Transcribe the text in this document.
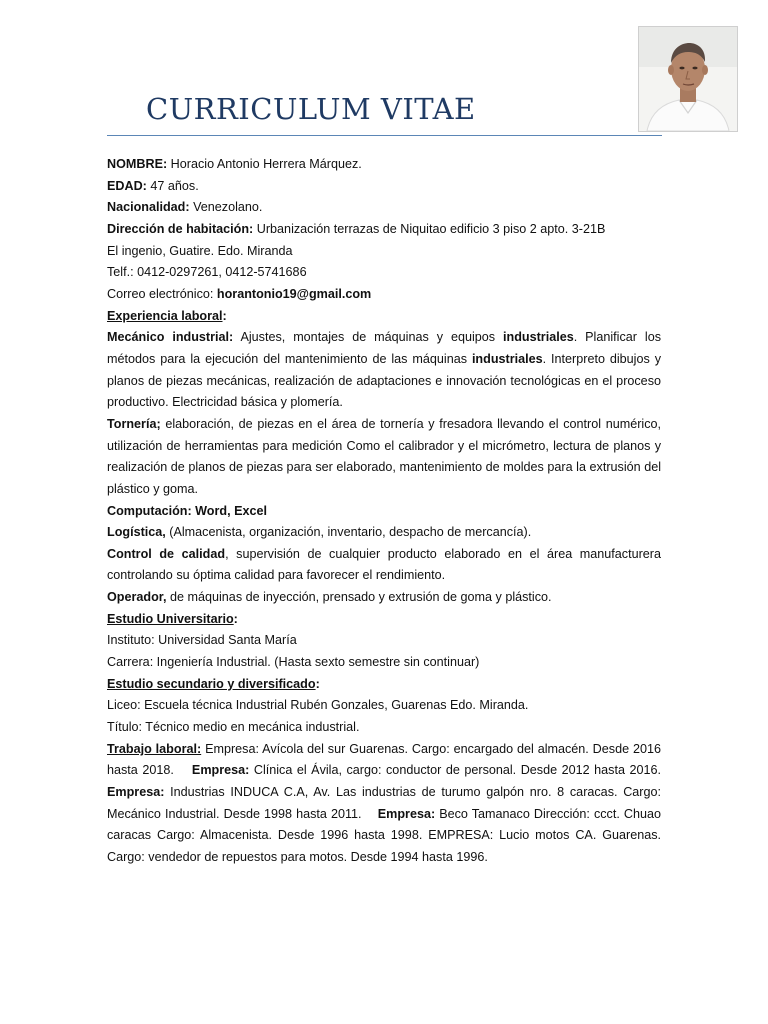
CURRICULUM VITAE

NOMBRE: Horacio Antonio Herrera Márquez.

EDAD: 47 años.

Nacionalidad: Venezolano.

Dirección de habitación: Urbanización terrazas de Niquitao edificio 3 piso 2 apto. 3-21B

El ingenio, Guatire. Edo. Miranda

Telf.: 0412-0297261, 0412-5741686

Correo electrónico: horantonio19@gmail.com

Experiencia laboral:

Mecánico industrial: Ajustes, montajes de máquinas y equipos industriales. Planificar los métodos para la ejecución del mantenimiento de las máquinas industriales. Interpreto dibujos y planos de piezas mecánicas, realización de adaptaciones e innovación tecnológicas en el proceso productivo. Electricidad básica y plomería.

Tornería; elaboración, de piezas en el área de tornería y fresadora llevando el control numérico, utilización de herramientas para medición Como el calibrador y el micrómetro, lectura de planos y realización de planos de piezas para ser elaborado, mantenimiento de moldes para la extrusión del plástico y goma.

Computación: Word, Excel

Logística, (Almacenista, organización, inventario, despacho de mercancía).

Control de calidad, supervisión de cualquier producto elaborado en el área manufacturera controlando su óptima calidad para favorecer el rendimiento.

Operador, de máquinas de inyección, prensado y extrusión de goma y plástico.

Estudio Universitario:

Instituto: Universidad Santa María

Carrera: Ingeniería Industrial. (Hasta sexto semestre sin continuar)

Estudio secundario y diversificado:

Liceo: Escuela técnica Industrial Rubén Gonzales, Guarenas Edo. Miranda.

Título: Técnico medio en mecánica industrial.

Trabajo laboral: Empresa: Avícola del sur Guarenas. Cargo: encargado del almacén. Desde 2016 hasta 2018. Empresa: Clínica el Ávila, cargo: conductor de personal. Desde 2012 hasta 2016. Empresa: Industrias INDUCA C.A, Av. Las industrias de turumo galpón nro. 8 caracas. Cargo: Mecánico Industrial. Desde 1998 hasta 2011. Empresa: Beco Tamanaco Dirección: ccct. Chuao caracas Cargo: Almacenista. Desde 1996 hasta 1998. EMPRESA: Lucio motos CA. Guarenas. Cargo: vendedor de repuestos para motos. Desde 1994 hasta 1996.
